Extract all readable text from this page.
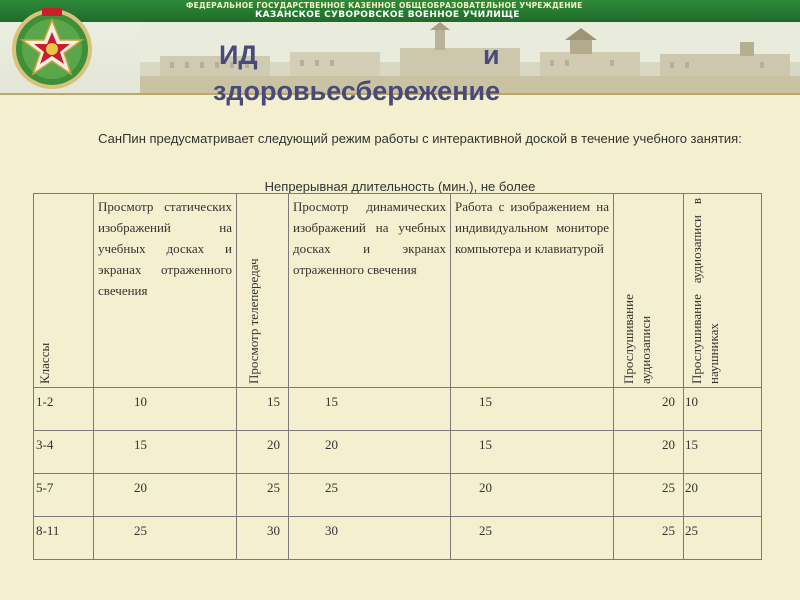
ФЕДЕРАЛЬНОЕ ГОСУДАРСТВЕННОЕ КАЗЕННОЕ ОБЩЕОБРАЗОВАТЕЛЬНОЕ УЧРЕЖДЕНИЕ
КАЗАНСКОЕ СУВОРОВСКОЕ ВОЕННОЕ УЧИЛИЩЕ
ИД	и
здоровьесбережение
СанПин предусматривает следующий режим работы с интерактивной доской в течение учебного занятия:
Непрерывная длительность (мин.), не более
Классы	Просмотр статических изображений на учебных досках и экранах отраженного свечения	Просмотр телепередач	Просмотр динамических изображений на учебных досках и экранах отраженного свечения	Работа с изображением на индивидуальном мониторе компьютера и клавиатурой	Прослушивание аудиозаписи	Прослушивание аудиозаписи в наушниках

1-2	10	15	15	15	20	10

3-4	15	20	20	15	20	15

5-7	20	25	25	20	25	20

8-11	25	30	30	25	25	25
